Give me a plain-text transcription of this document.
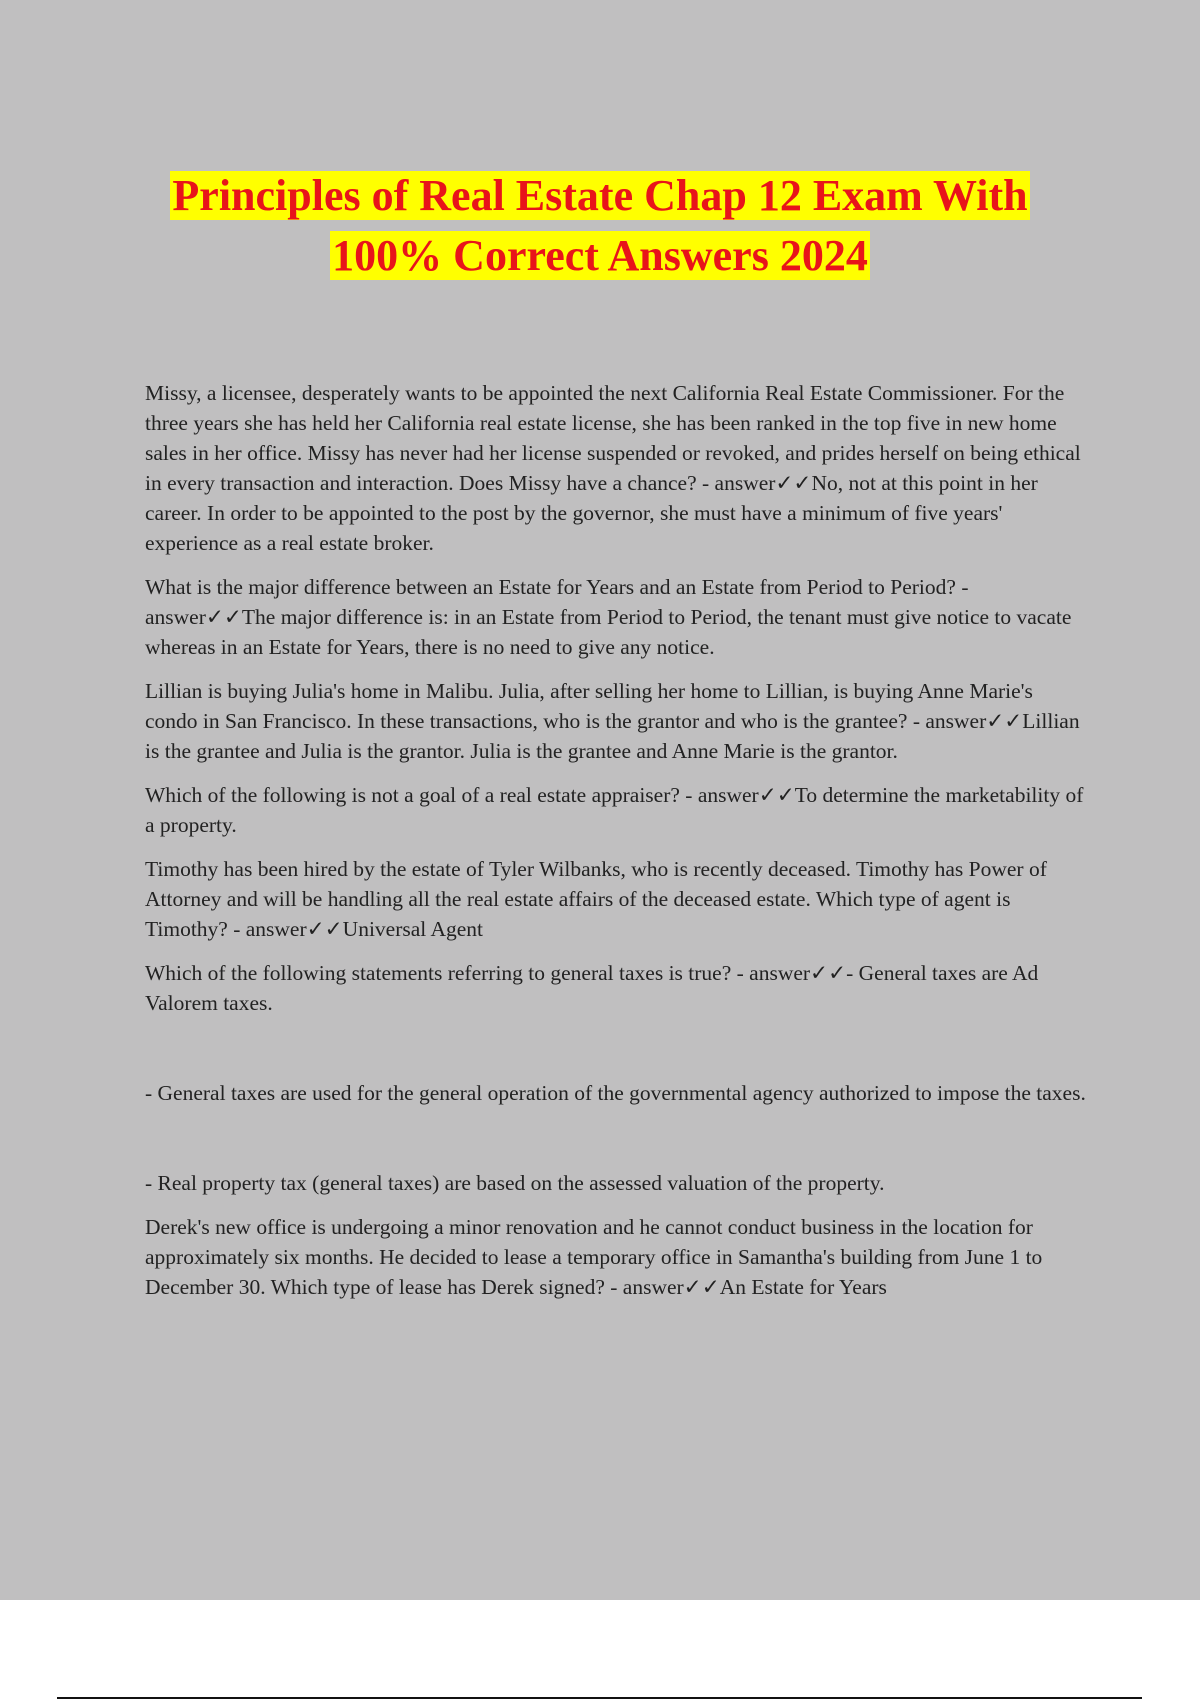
Principles of Real Estate Chap 12 Exam With
100% Correct Answers 2024

Missy, a licensee, desperately wants to be appointed the next California Real Estate Commissioner. For the three years she has held her California real estate license, she has been ranked in the top five in new home sales in her office. Missy has never had her license suspended or revoked, and prides herself on being ethical in every transaction and interaction. Does Missy have a chance? - answer✓✓No, not at this point in her career. In order to be appointed to the post by the governor, she must have a minimum of five years' experience as a real estate broker.

What is the major difference between an Estate for Years and an Estate from Period to Period? - answer✓✓The major difference is: in an Estate from Period to Period, the tenant must give notice to vacate whereas in an Estate for Years, there is no need to give any notice.

Lillian is buying Julia's home in Malibu. Julia, after selling her home to Lillian, is buying Anne Marie's condo in San Francisco. In these transactions, who is the grantor and who is the grantee? - answer✓✓Lillian is the grantee and Julia is the grantor. Julia is the grantee and Anne Marie is the grantor.

Which of the following is not a goal of a real estate appraiser? - answer✓✓To determine the marketability of a property.

Timothy has been hired by the estate of Tyler Wilbanks, who is recently deceased. Timothy has Power of Attorney and will be handling all the real estate affairs of the deceased estate. Which type of agent is Timothy? - answer✓✓Universal Agent

Which of the following statements referring to general taxes is true? - answer✓✓- General taxes are Ad Valorem taxes.

- General taxes are used for the general operation of the governmental agency authorized to impose the taxes.

- Real property tax (general taxes) are based on the assessed valuation of the property.

Derek's new office is undergoing a minor renovation and he cannot conduct business in the location for approximately six months. He decided to lease a temporary office in Samantha's building from June 1 to December 30. Which type of lease has Derek signed? - answer✓✓An Estate for Years
